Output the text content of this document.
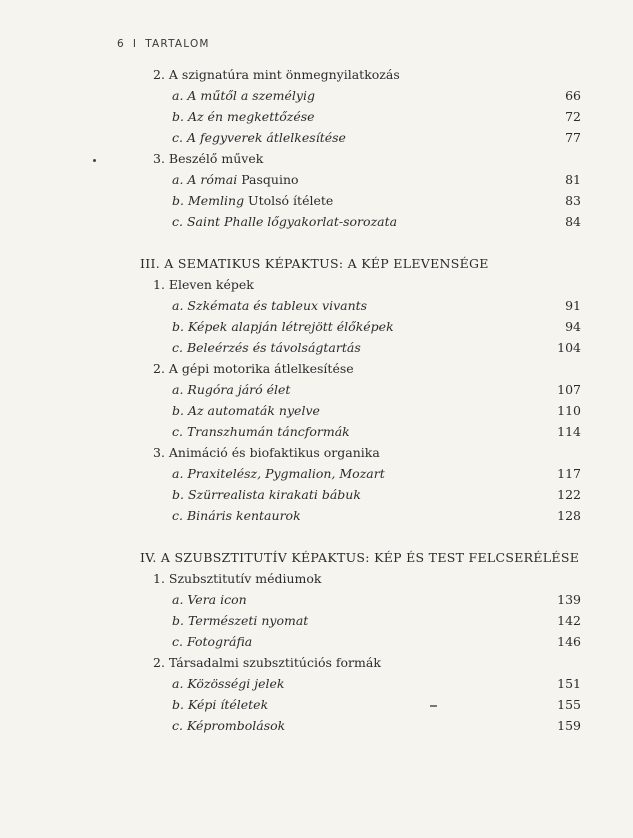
6 I TARTALOM
2. A szignatúra mint önmegnyilatkozás
a. A műtől a személyig	66
b. Az én megkettőzése	72
c. A fegyverek átlelkesítése	77
3. Beszélő művek
a. A római Pasquino	81
b. Memling Utolsó ítélete	83
c. Saint Phalle lőgyakorlat-sorozata	84
III. A SEMATIKUS KÉPAKTUS: A KÉP ELEVENSÉGE
1. Eleven képek
a. Szkémata és tableux vivants	91
b. Képek alapján létrejött élőképek	94
c. Beleérzés és távolságtartás	104
2. A gépi motorika átlelkesítése
a. Rugóra járó élet	107
b. Az automaták nyelve	110
c. Transzhumán táncformák	114
3. Animáció és biofaktikus organika
a. Praxitelész, Pygmalion, Mozart	117
b. Szürrealista kirakati bábuk	122
c. Bináris kentaurok	128
IV. A SZUBSZTITUTÍV KÉPAKTUS: KÉP ÉS TEST FELCSERÉLÉSE
1. Szubsztitutív médiumok
a. Vera icon	139
b. Természeti nyomat	142
c. Fotográfia	146
2. Társadalmi szubsztitúciós formák
a. Közösségi jelek	151
b. Képi ítéletek	155
c. Képrombolások	159
